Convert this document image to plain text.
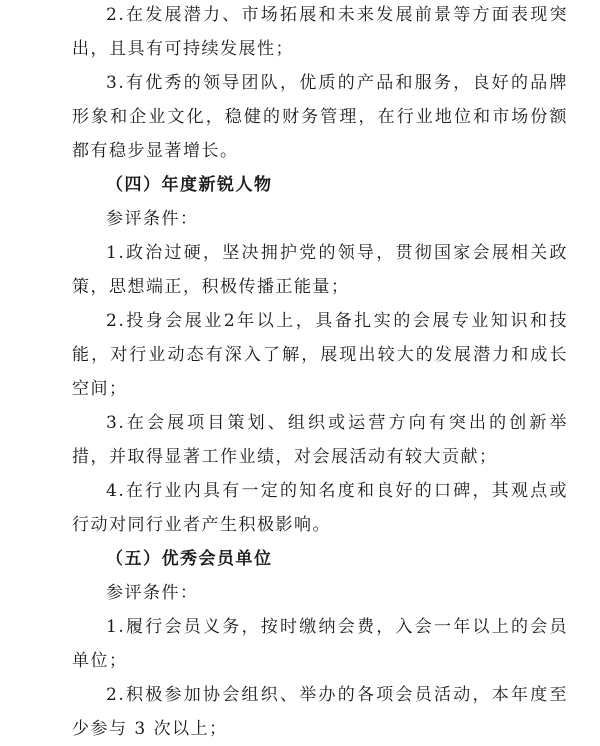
2.在发展潜力、市场拓展和未来发展前景等方面表现突出，且具有可持续发展性；

3.有优秀的领导团队，优质的产品和服务，良好的品牌形象和企业文化，稳健的财务管理，在行业地位和市场份额都有稳步显著增长。

（四）年度新锐人物

参评条件：

1.政治过硬，坚决拥护党的领导，贯彻国家会展相关政策，思想端正，积极传播正能量；

2.投身会展业2年以上，具备扎实的会展专业知识和技能，对行业动态有深入了解，展现出较大的发展潜力和成长空间；

3.在会展项目策划、组织或运营方向有突出的创新举措，并取得显著工作业绩，对会展活动有较大贡献；

4.在行业内具有一定的知名度和良好的口碑，其观点或行动对同行业者产生积极影响。

（五）优秀会员单位

参评条件：

1.履行会员义务，按时缴纳会费，入会一年以上的会员单位；

2.积极参加协会组织、举办的各项会员活动，本年度至少参与 3 次以上；
